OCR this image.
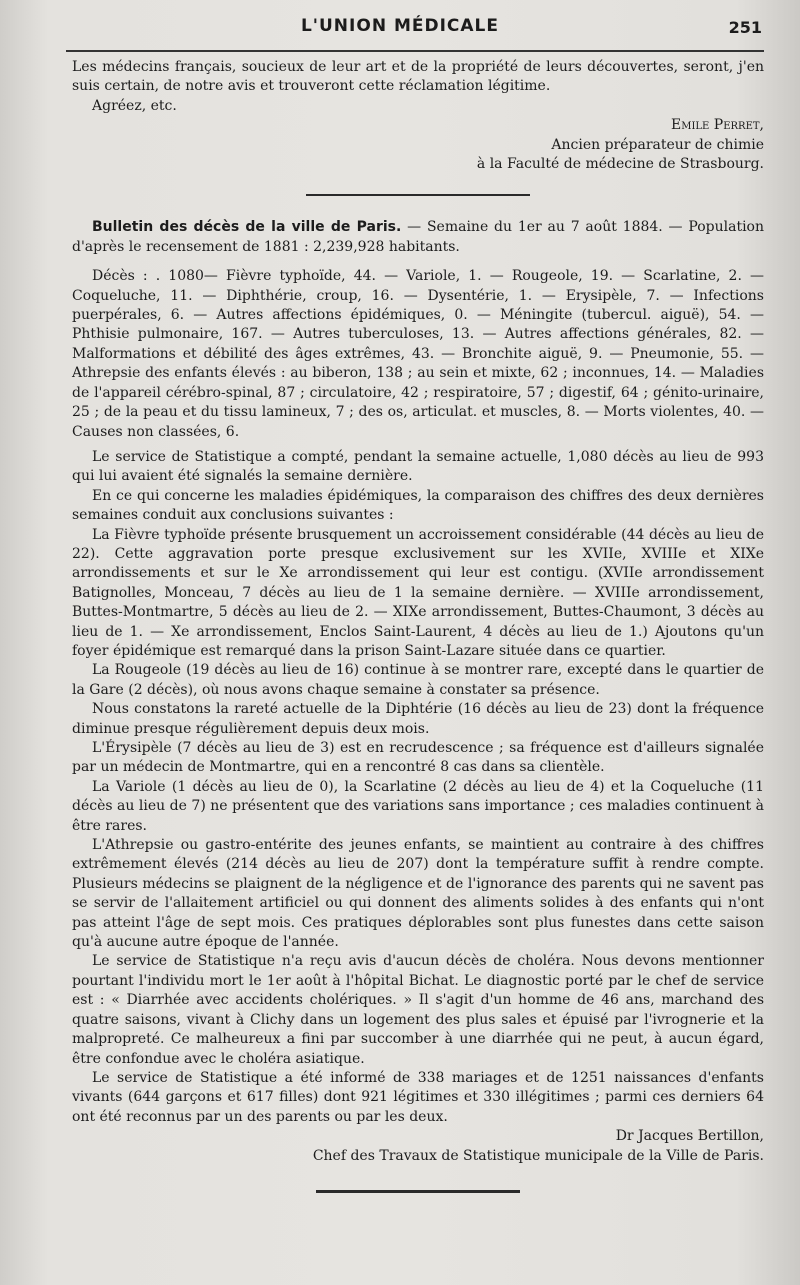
L'UNION MÉDICALE	251

Les médecins français, soucieux de leur art et de la propriété de leurs découvertes, seront, j'en suis certain, de notre avis et trouveront cette réclamation légitime.

Agréez, etc.

Emile Perret,

Ancien préparateur de chimie

à la Faculté de médecine de Strasbourg.

Bulletin des décès de la ville de Paris. — Semaine du 1er au 7 août 1884. — Population d'après le recensement de 1881 : 2,239,928 habitants.

Décès : . 1080— Fièvre typhoïde, 44. — Variole, 1. — Rougeole, 19. — Scarlatine, 2. — Coqueluche, 11. — Diphthérie, croup, 16. — Dysentérie, 1. — Erysipèle, 7. — Infections puerpérales, 6. — Autres affections épidémiques, 0. — Méningite (tubercul. aiguë), 54. — Phthisie pulmonaire, 167. — Autres tuberculoses, 13. — Autres affections générales, 82. — Malformations et débilité des âges extrêmes, 43. — Bronchite aiguë, 9. — Pneumonie, 55. — Athrepsie des enfants élevés : au biberon, 138 ; au sein et mixte, 62 ; inconnues, 14. — Maladies de l'appareil cérébro-spinal, 87 ; circulatoire, 42 ; respiratoire, 57 ; digestif, 64 ; génito-urinaire, 25 ; de la peau et du tissu lamineux, 7 ; des os, articulat. et muscles, 8. — Morts violentes, 40. — Causes non classées, 6.

Le service de Statistique a compté, pendant la semaine actuelle, 1,080 décès au lieu de 993 qui lui avaient été signalés la semaine dernière.

En ce qui concerne les maladies épidémiques, la comparaison des chiffres des deux dernières semaines conduit aux conclusions suivantes :

La Fièvre typhoïde présente brusquement un accroissement considérable (44 décès au lieu de 22). Cette aggravation porte presque exclusivement sur les XVIIe, XVIIIe et XIXe arrondissements et sur le Xe arrondissement qui leur est contigu. (XVIIe arrondissement Batignolles, Monceau, 7 décès au lieu de 1 la semaine dernière. — XVIIIe arrondissement, Buttes-Montmartre, 5 décès au lieu de 2. — XIXe arrondissement, Buttes-Chaumont, 3 décès au lieu de 1. — Xe arrondissement, Enclos Saint-Laurent, 4 décès au lieu de 1.) Ajoutons qu'un foyer épidémique est remarqué dans la prison Saint-Lazare située dans ce quartier.

La Rougeole (19 décès au lieu de 16) continue à se montrer rare, excepté dans le quartier de la Gare (2 décès), où nous avons chaque semaine à constater sa présence.

Nous constatons la rareté actuelle de la Diphtérie (16 décès au lieu de 23) dont la fréquence diminue presque régulièrement depuis deux mois.

L'Érysipèle (7 décès au lieu de 3) est en recrudescence ; sa fréquence est d'ailleurs signalée par un médecin de Montmartre, qui en a rencontré 8 cas dans sa clientèle.

La Variole (1 décès au lieu de 0), la Scarlatine (2 décès au lieu de 4) et la Coqueluche (11 décès au lieu de 7) ne présentent que des variations sans importance ; ces maladies continuent à être rares.

L'Athrepsie ou gastro-entérite des jeunes enfants, se maintient au contraire à des chiffres extrêmement élevés (214 décès au lieu de 207) dont la température suffit à rendre compte. Plusieurs médecins se plaignent de la négligence et de l'ignorance des parents qui ne savent pas se servir de l'allaitement artificiel ou qui donnent des aliments solides à des enfants qui n'ont pas atteint l'âge de sept mois. Ces pratiques déplorables sont plus funestes dans cette saison qu'à aucune autre époque de l'année.

Le service de Statistique n'a reçu avis d'aucun décès de choléra. Nous devons mentionner pourtant l'individu mort le 1er août à l'hôpital Bichat. Le diagnostic porté par le chef de service est : « Diarrhée avec accidents cholériques. » Il s'agit d'un homme de 46 ans, marchand des quatre saisons, vivant à Clichy dans un logement des plus sales et épuisé par l'ivrognerie et la malpropreté. Ce malheureux a fini par succomber à une diarrhée qui ne peut, à aucun égard, être confondue avec le choléra asiatique.

Le service de Statistique a été informé de 338 mariages et de 1251 naissances d'enfants vivants (644 garçons et 617 filles) dont 921 légitimes et 330 illégitimes ; parmi ces derniers 64 ont été reconnus par un des parents ou par les deux.

Dr Jacques Bertillon,

Chef des Travaux de Statistique municipale de la Ville de Paris.
